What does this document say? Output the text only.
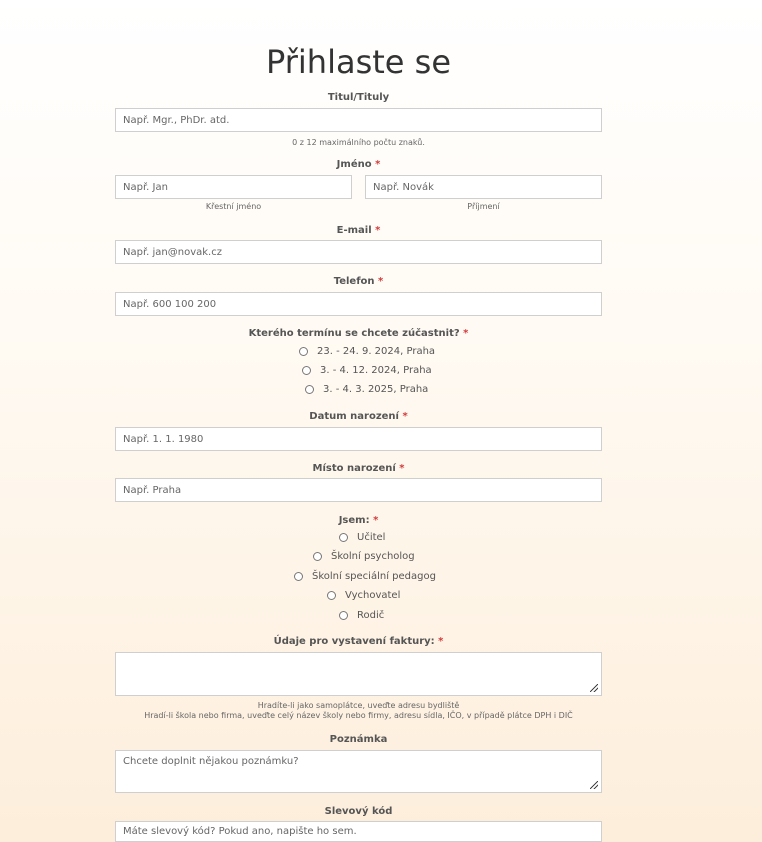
Přihlaste se
Titul/Tituly
Např. Mgr., PhDr. atd.
0 z 12 maximálního počtu znaků.
Jméno *
Např. Jan
Křestní jméno
Např. Novák	Příjmení
E-mail *
Např. jan@novak.cz
Telefon *
Např. 600 100 200
Kterého termínu se chcete zúčastnit? *
23. - 24. 9. 2024, Praha
3. - 4. 12. 2024, Praha
3. - 4. 3. 2025, Praha
Datum narození *
Např. 1. 1. 1980
Místo narození *
Např. Praha
Jsem: *
Učitel
Školní psycholog
Školní speciální pedagog
Vychovatel
Rodič
Údaje pro vystavení faktury: *
Hradíte-li jako samoplátce, uveďte adresu bydliště
Hradí-li škola nebo firma, uveďte celý název školy nebo firmy, adresu sídla, IČO, v případě plátce DPH i DIČ
Poznámka
Chcete doplnit nějakou poznámku?
Slevový kód
Máte slevový kód? Pokud ano, napište ho sem.
